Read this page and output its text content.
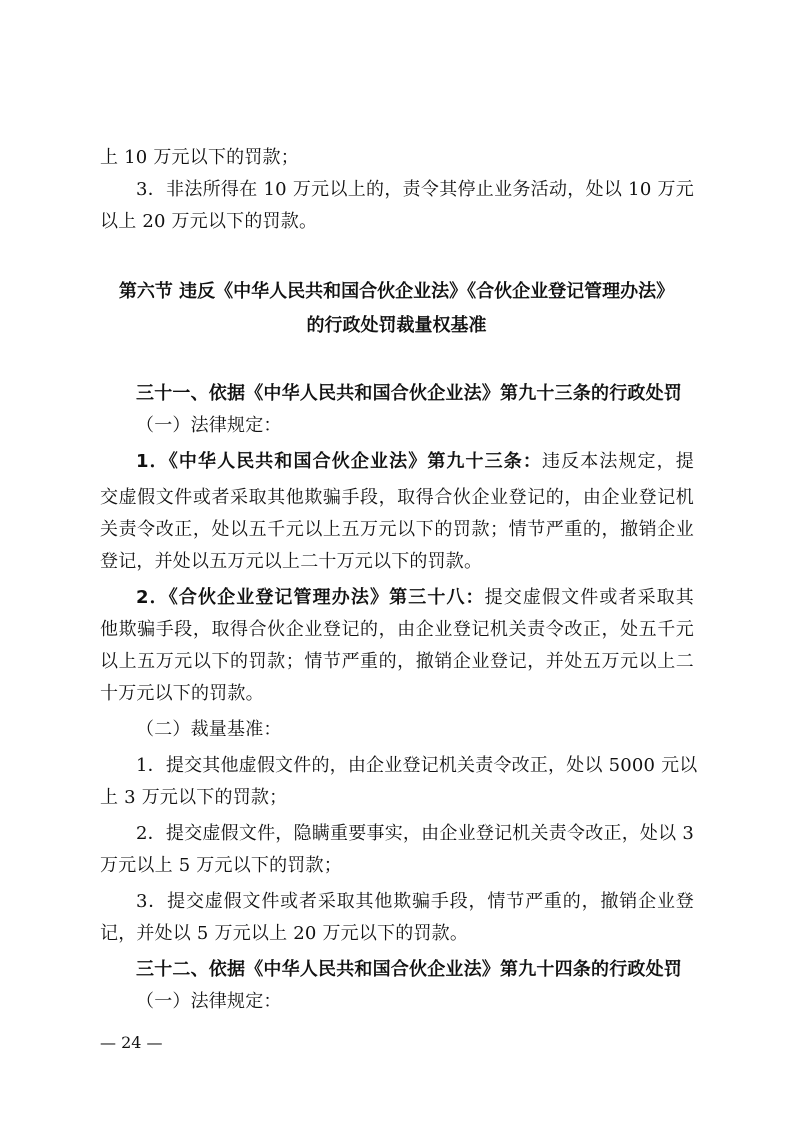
上 10 万元以下的罚款；
3．非法所得在 10 万元以上的，责令其停止业务活动，处以 10 万元
以上 20 万元以下的罚款。
第六节 违反《中华人民共和国合伙企业法》《合伙企业登记管理办法》
的行政处罚裁量权基准
三十一、依据《中华人民共和国合伙企业法》第九十三条的行政处罚
（一）法律规定：
1．《中华人民共和国合伙企业法》第九十三条：违反本法规定，提
交虚假文件或者采取其他欺骗手段，取得合伙企业登记的，由企业登记机
关责令改正，处以五千元以上五万元以下的罚款；情节严重的，撤销企业
登记，并处以五万元以上二十万元以下的罚款。
2．《合伙企业登记管理办法》第三十八：提交虚假文件或者采取其
他欺骗手段，取得合伙企业登记的，由企业登记机关责令改正，处五千元
以上五万元以下的罚款；情节严重的，撤销企业登记，并处五万元以上二
十万元以下的罚款。
（二）裁量基准：
1．提交其他虚假文件的，由企业登记机关责令改正，处以 5000 元以
上 3 万元以下的罚款；
2．提交虚假文件，隐瞒重要事实，由企业登记机关责令改正，处以 3
万元以上 5 万元以下的罚款；
3．提交虚假文件或者采取其他欺骗手段，情节严重的，撤销企业登
记，并处以 5 万元以上 20 万元以下的罚款。
三十二、依据《中华人民共和国合伙企业法》第九十四条的行政处罚
（一）法律规定：
— 24 —
